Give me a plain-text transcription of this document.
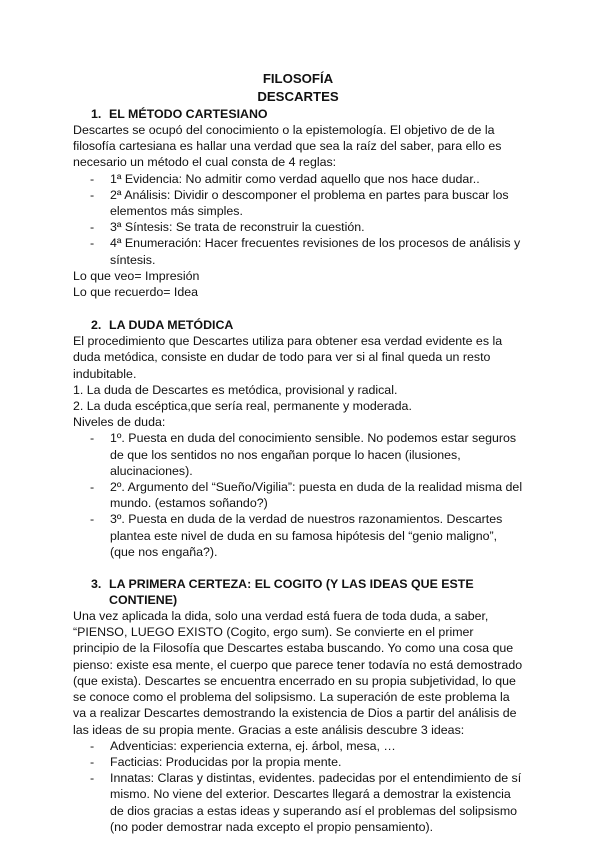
FILOSOFÍA

DESCARTES

1. EL MÉTODO CARTESIANO

Descartes se ocupó del conocimiento o la epistemología. El objetivo de de la filosofía cartesiana es hallar una verdad que sea la raíz del saber, para ello es necesario un método el cual consta de 4 reglas:

- 1ª Evidencia: No admitir como verdad aquello que nos hace dudar..
- 2ª Análisis: Dividir o descomponer el problema en partes para buscar los elementos más simples.
- 3ª Síntesis: Se trata de reconstruir la cuestión.
- 4ª Enumeración: Hacer frecuentes revisiones de los procesos de análisis y síntesis.

Lo que veo= Impresión

Lo que recuerdo= Idea

2. LA DUDA METÓDICA

El procedimiento que Descartes utiliza para obtener esa verdad evidente es la duda metódica, consiste en dudar de todo para ver si al final queda un resto indubitable.

1. La duda de Descartes es metódica, provisional y radical.

2. La duda escéptica,que sería real, permanente y moderada.

Niveles de duda:

- 1º. Puesta en duda del conocimiento sensible. No podemos estar seguros de que los sentidos no nos engañan porque lo hacen (ilusiones, alucinaciones).
- 2º. Argumento del “Sueño/Vigilia”: puesta en duda de la realidad misma del mundo. (estamos soñando?)
- 3º. Puesta en duda de la verdad de nuestros razonamientos. Descartes plantea este nivel de duda en su famosa hipótesis del “genio maligno”, (que nos engaña?).
3. LA PRIMERA CERTEZA: EL COGITO (Y LAS IDEAS QUE ESTE CONTIENE)

Una vez aplicada la dida, solo una verdad está fuera de toda duda, a saber, “PIENSO, LUEGO EXISTO (Cogito, ergo sum). Se convierte en el primer principio de la Filosofía que Descartes estaba buscando. Yo como una cosa que pienso: existe esa mente, el cuerpo que parece tener todavía no está demostrado (que exista). Descartes se encuentra encerrado en su propia subjetividad, lo que se conoce como el problema del solipsismo. La superación de este problema la va a realizar Descartes demostrando la existencia de Dios a partir del análisis de las ideas de su propia mente. Gracias a este análisis descubre 3 ideas:

- Adventicias: experiencia externa, ej. árbol, mesa, …
- Facticias: Producidas por la propia mente.
- Innatas: Claras y distintas, evidentes. padecidas por el entendimiento de sí mismo. No viene del exterior. Descartes llegará a demostrar la existencia de dios gracias a estas ideas y superando así el problemas del solipsismo (no poder demostrar nada excepto el propio pensamiento).
